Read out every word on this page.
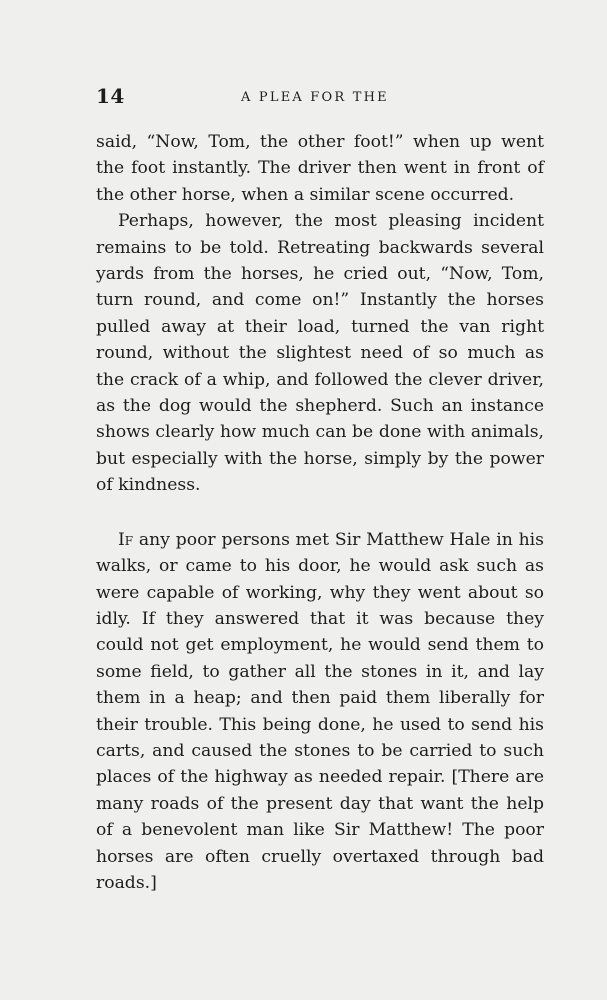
14	A PLEA FOR THE

said, “Now, Tom, the other foot!” when up went the foot instantly. The driver then went in front of the other horse, when a similar scene occurred.

Perhaps, however, the most pleasing incident remains to be told. Retreating backwards several yards from the horses, he cried out, “Now, Tom, turn round, and come on!” Instantly the horses pulled away at their load, turned the van right round, without the slightest need of so much as the crack of a whip, and followed the clever driver, as the dog would the shepherd. Such an instance shows clearly how much can be done with animals, but especially with the horse, simply by the power of kindness.

If any poor persons met Sir Matthew Hale in his walks, or came to his door, he would ask such as were capable of working, why they went about so idly. If they answered that it was because they could not get employment, he would send them to some field, to gather all the stones in it, and lay them in a heap; and then paid them liberally for their trouble. This being done, he used to send his carts, and caused the stones to be carried to such places of the highway as needed repair. [There are many roads of the present day that want the help of a benevolent man like Sir Matthew! The poor horses are often cruelly overtaxed through bad roads.]
